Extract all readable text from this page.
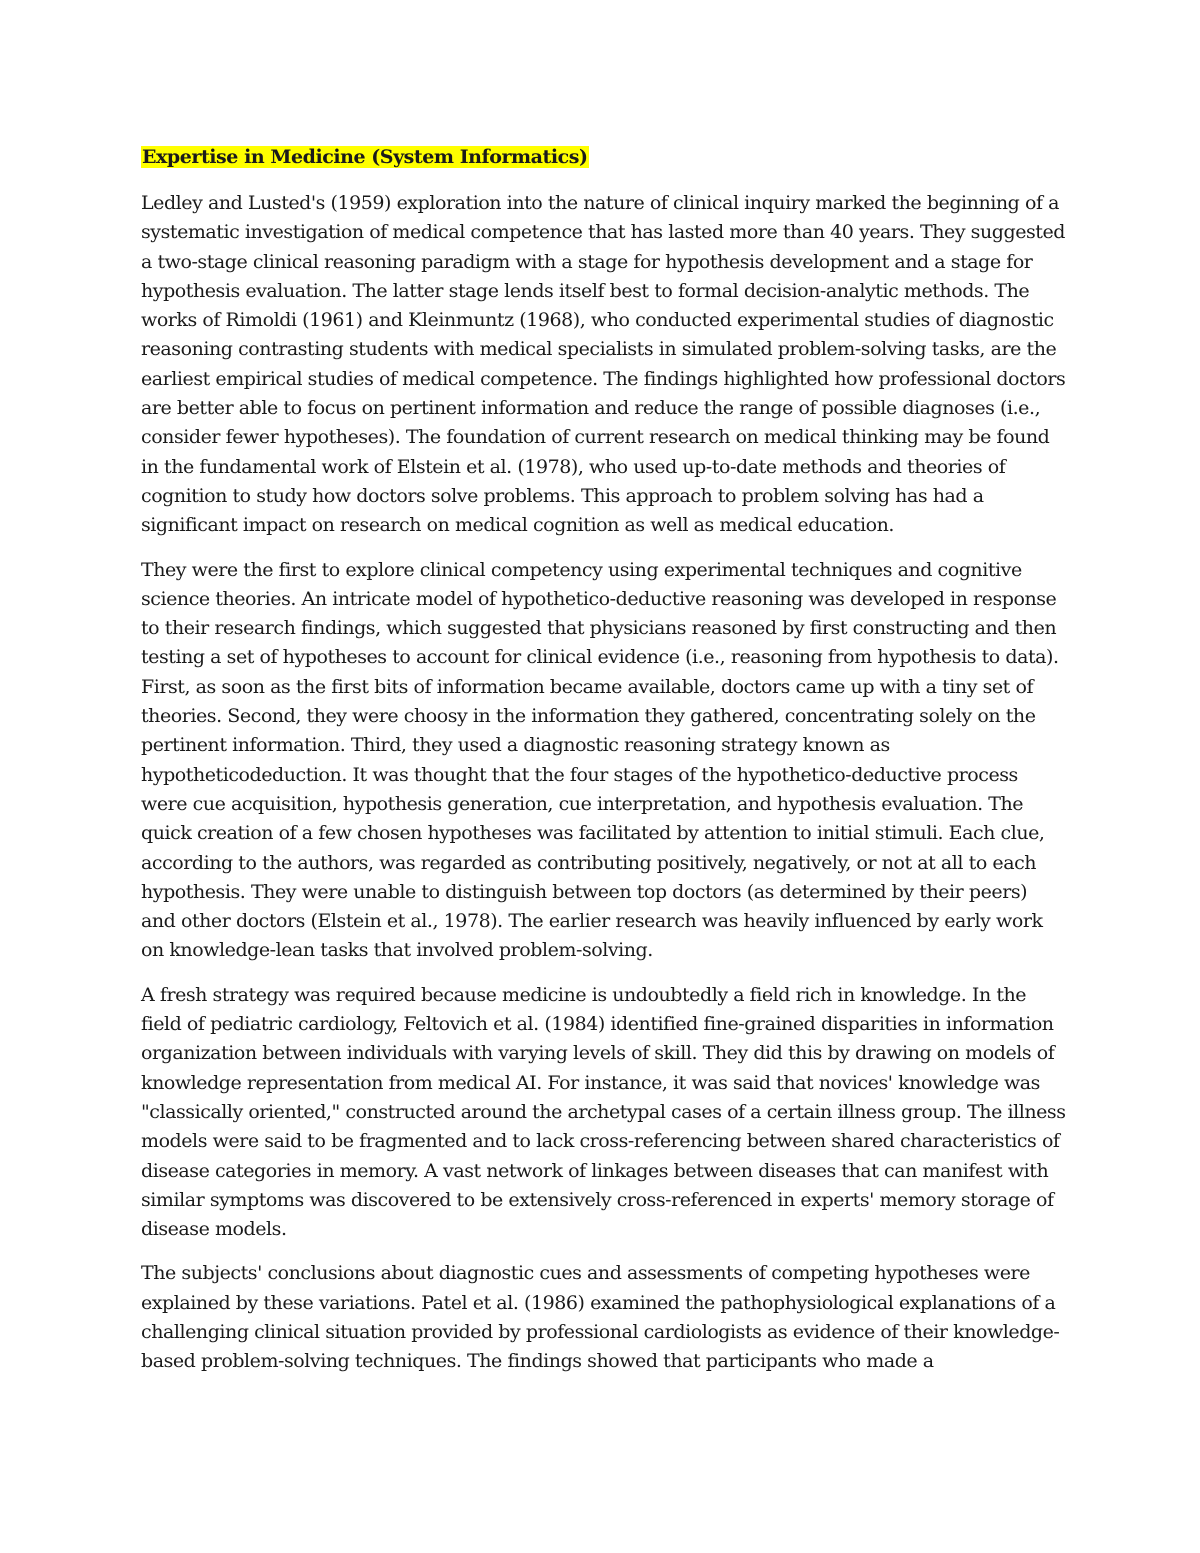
Expertise in Medicine (System Informatics)

Ledley and Lusted's (1959) exploration into the nature of clinical inquiry marked the beginning of a systematic investigation of medical competence that has lasted more than 40 years. They suggested a two-stage clinical reasoning paradigm with a stage for hypothesis development and a stage for hypothesis evaluation. The latter stage lends itself best to formal decision-analytic methods. The works of Rimoldi (1961) and Kleinmuntz (1968), who conducted experimental studies of diagnostic reasoning contrasting students with medical specialists in simulated problem-solving tasks, are the earliest empirical studies of medical competence. The findings highlighted how professional doctors are better able to focus on pertinent information and reduce the range of possible diagnoses (i.e., consider fewer hypotheses). The foundation of current research on medical thinking may be found in the fundamental work of Elstein et al. (1978), who used up-to-date methods and theories of cognition to study how doctors solve problems. This approach to problem solving has had a significant impact on research on medical cognition as well as medical education.

They were the first to explore clinical competency using experimental techniques and cognitive science theories. An intricate model of hypothetico-deductive reasoning was developed in response to their research findings, which suggested that physicians reasoned by first constructing and then testing a set of hypotheses to account for clinical evidence (i.e., reasoning from hypothesis to data). First, as soon as the first bits of information became available, doctors came up with a tiny set of theories. Second, they were choosy in the information they gathered, concentrating solely on the pertinent information. Third, they used a diagnostic reasoning strategy known as hypotheticodeduction. It was thought that the four stages of the hypothetico-deductive process were cue acquisition, hypothesis generation, cue interpretation, and hypothesis evaluation. The quick creation of a few chosen hypotheses was facilitated by attention to initial stimuli. Each clue, according to the authors, was regarded as contributing positively, negatively, or not at all to each hypothesis. They were unable to distinguish between top doctors (as determined by their peers) and other doctors (Elstein et al., 1978). The earlier research was heavily influenced by early work on knowledge-lean tasks that involved problem-solving.

A fresh strategy was required because medicine is undoubtedly a field rich in knowledge. In the field of pediatric cardiology, Feltovich et al. (1984) identified fine-grained disparities in information organization between individuals with varying levels of skill. They did this by drawing on models of knowledge representation from medical AI. For instance, it was said that novices' knowledge was "classically oriented," constructed around the archetypal cases of a certain illness group. The illness models were said to be fragmented and to lack cross-referencing between shared characteristics of disease categories in memory. A vast network of linkages between diseases that can manifest with similar symptoms was discovered to be extensively cross-referenced in experts' memory storage of disease models.

The subjects' conclusions about diagnostic cues and assessments of competing hypotheses were explained by these variations. Patel et al. (1986) examined the pathophysiological explanations of a challenging clinical situation provided by professional cardiologists as evidence of their knowledge-based problem-solving techniques. The findings showed that participants who made a
